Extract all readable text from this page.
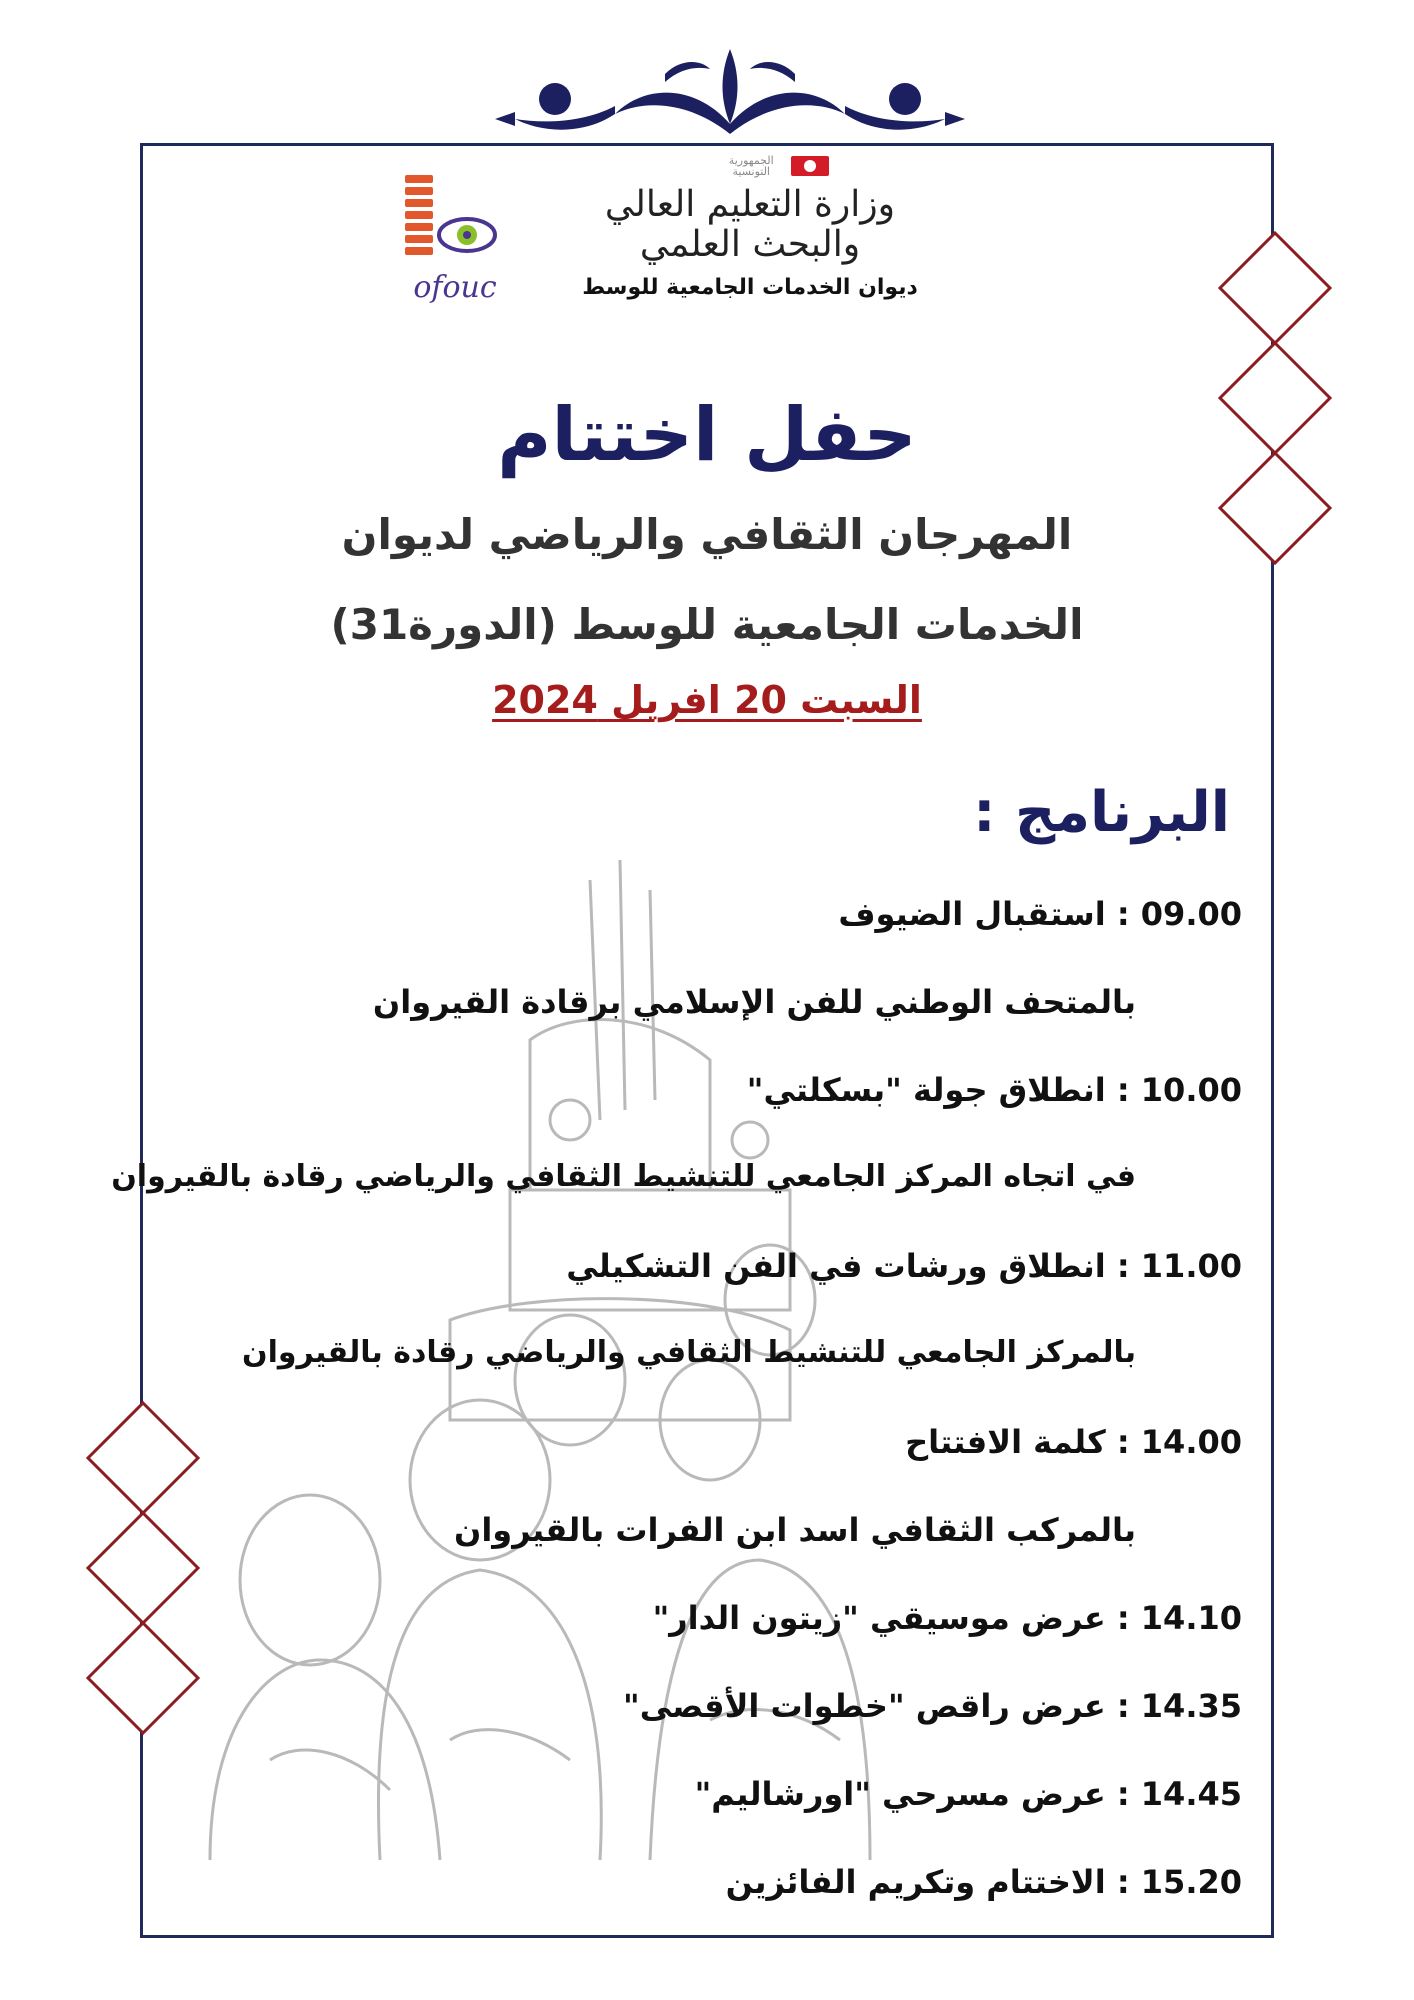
ofouc
الجمهورية التونسية
وزارة التعليم العالي
والبحث العلمي
ديوان الخدمات الجامعية للوسط
حفل اختتام
المهرجان الثقافي والرياضي لديوان
الخدمات الجامعية للوسط (الدورة31)
السبت 20 افريل 2024
البرنامج :
09.00 : استقبال الضيوف
بالمتحف الوطني للفن الإسلامي برقادة القيروان
10.00 : انطلاق جولة "بسكلتي"
في اتجاه المركز الجامعي للتنشيط الثقافي والرياضي رقادة بالقيروان
11.00 : انطلاق ورشات في الفن التشكيلي
بالمركز الجامعي للتنشيط الثقافي والرياضي رقادة بالقيروان
14.00 : كلمة الافتتاح
بالمركب الثقافي اسد ابن الفرات بالقيروان
14.10 : عرض موسيقي "زيتون الدار"
14.35 : عرض راقص "خطوات الأقصى"
14.45 : عرض مسرحي "اورشاليم"
15.20 : الاختتام وتكريم الفائزين
